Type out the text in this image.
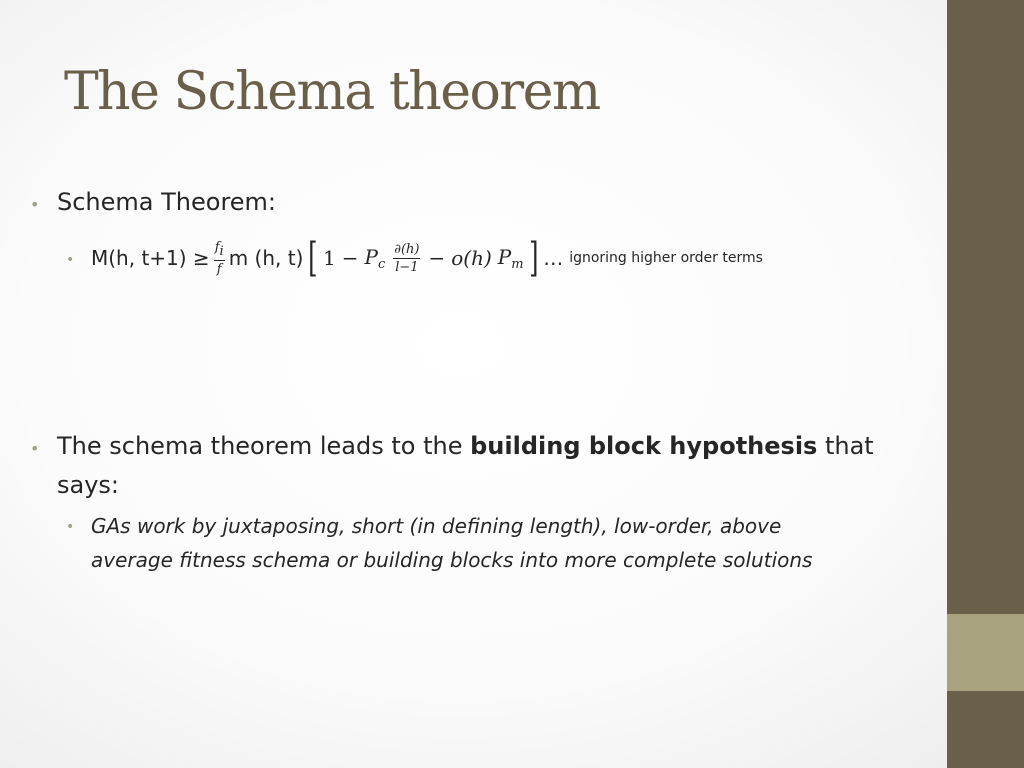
The Schema theorem
• Schema Theorem:
• M(h, $t+1) \ge \frac{fi}{f̄}$ m (h, t) [ $1 - P_c \frac{\partial(h)}{l-1} - o(h)$ $P_m$ ] … ignoring higher order terms
• The schema theorem leads to the building block hypothesis that
says:
• GAs work by juxtaposing, short (in defining length), low-order, above
average fitness schema or building blocks into more complete solutions
